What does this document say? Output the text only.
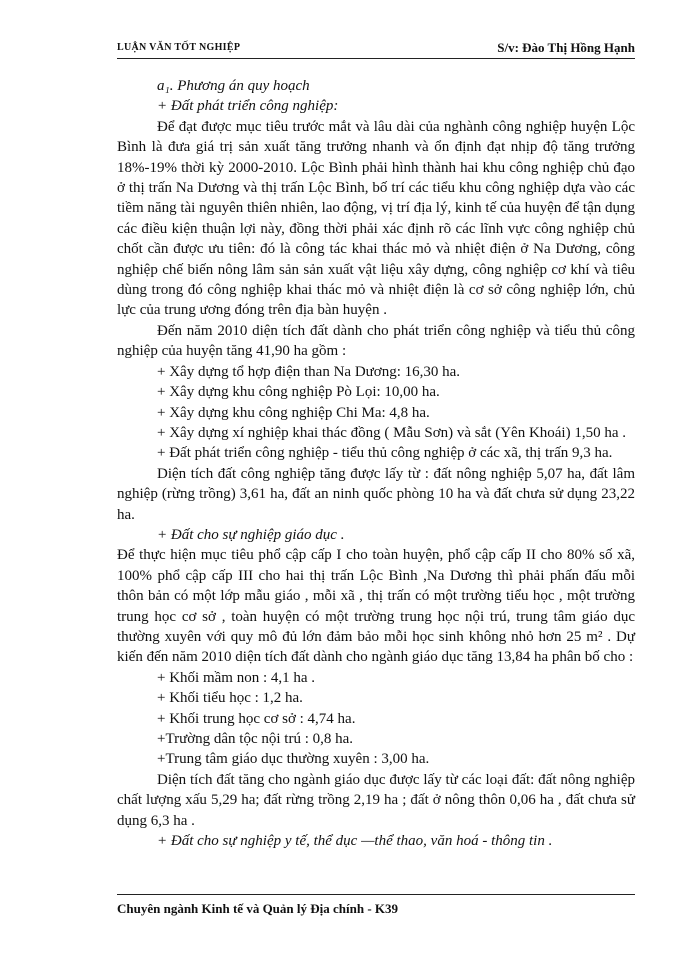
LUẬN VĂN TỐT NGHIỆP	S/v: Đào Thị Hồng Hạnh

a₁. Phương án quy hoạch

+ Đất phát triển công nghiệp:

Để đạt được mục tiêu trước mắt và lâu dài của nghành công nghiệp huyện Lộc Bình là đưa giá trị sản xuất tăng trưởng nhanh và ổn định đạt nhịp độ tăng trưởng 18%-19% thời kỳ 2000-2010. Lộc Bình phải hình thành hai khu công nghiệp chủ đạo ở thị trấn Na Dương và thị trấn Lộc Bình, bố trí các tiểu khu công nghiệp dựa vào các tiềm năng tài nguyên thiên nhiên, lao động, vị trí địa lý, kinh tế của huyện để tận dụng các điều kiện thuận lợi này, đồng thời phải xác định rõ các lĩnh vực công nghiệp chủ chốt cần được ưu tiên: đó là công tác khai thác mỏ và nhiệt điện ở Na Dương, công nghiệp chế biến nông lâm sản sản xuất vật liệu xây dựng, công nghiệp cơ khí và tiêu dùng trong đó công nghiệp khai thác mỏ và nhiệt điện là cơ sở công nghiệp lớn, chủ lực của trung ương đóng trên địa bàn huyện .

Đến năm 2010 diện tích đất dành cho phát triển công nghiệp và tiểu thủ công nghiệp của huyện tăng 41,90 ha gồm :

+ Xây dựng tổ hợp điện than Na Dương: 16,30 ha.

+ Xây dựng khu công nghiệp Pò Lọi: 10,00 ha.

+ Xây dựng khu công nghiệp Chi Ma: 4,8 ha.

+ Xây dựng xí nghiệp khai thác đồng ( Mẫu Sơn) và sắt (Yên Khoái) 1,50 ha .

+ Đất phát triển công nghiệp - tiểu thủ công nghiệp ở các xã, thị trấn 9,3 ha.

Diện tích đất công nghiệp tăng được lấy từ : đất nông nghiệp 5,07 ha, đất lâm nghiệp (rừng trồng) 3,61 ha, đất an ninh quốc phòng 10 ha và đất chưa sử dụng 23,22 ha.

+ Đất cho sự nghiệp giáo dục .

Để thực hiện mục tiêu phổ cập cấp I cho toàn huyện, phổ cập cấp II cho 80% số xã, 100% phổ cập cấp III cho hai thị trấn Lộc Bình ,Na Dương thì phải phấn đấu mỗi thôn bản có một lớp mẫu giáo , mỗi xã , thị trấn có một trường tiểu học , một trường trung học cơ sở , toàn huyện có một trường trung học nội trú, trung tâm giáo dục thường xuyên với quy mô đủ lớn đảm bảo mỗi học sinh không nhỏ hơn 25 m² . Dự kiến đến năm 2010 diện tích đất dành cho ngành giáo dục tăng 13,84 ha phân bố cho :

+ Khối mầm non : 4,1 ha .

+ Khối tiểu học : 1,2 ha.

+ Khối trung học cơ sở : 4,74 ha.

+Trường dân tộc nội trú : 0,8 ha.

+Trung tâm giáo dục thường xuyên : 3,00 ha.

Diện tích đất tăng cho ngành giáo dục được lấy từ các loại đất: đất nông nghiệp chất lượng xấu 5,29 ha; đất rừng trồng 2,19 ha ; đất ở nông thôn 0,06 ha , đất chưa sử dụng 6,3 ha .

+ Đất cho sự nghiệp y tế, thể dục —thể thao, văn hoá - thông tin .

Chuyên ngành Kinh tế và Quản lý Địa chính - K39
